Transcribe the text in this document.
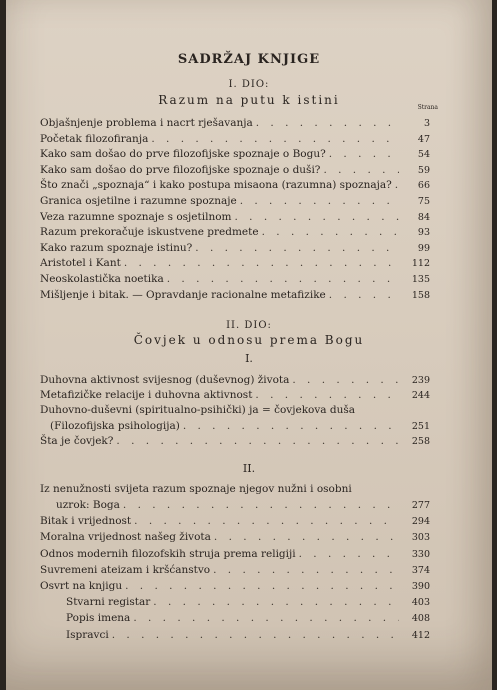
SADRŽAJ KNJIGE
I. DIO:
Razum na putu k istini
Strana
Objašnjenje problema i nacrt rješavanja . . .	3
Početak filozofiranja . . .	47
Kako sam došao do prve filozofijske spoznaje o Bogu? . . .	54
Kako sam došao do prve filozofijske spoznaje o duši? . . .	59
Što znači „spoznaja“ i kako postupa misaona (razumna) spoznaja? . . .	66
Granica osjetilne i razumne spoznaje . . .	75
Veza razumne spoznaje s osjetilnom . . .	84
Razum prekoračuje iskustvene predmete . . .	93
Kako razum spoznaje istinu? . . .	99
Aristotel i Kant . . .	112
Neoskolastička noetika . . .	135
Mišljenje i bitak. — Opravdanje racionalne metafizike . . .	158
II. DIO:
Čovjek u odnosu prema Bogu
I.
Duhovna aktivnost svijesnog (duševnog) života . . .	239
Metafizičke relacije i duhovna aktivnost . . .	244
Duhovno-duševni (spiritualno-psihički) ja = čovjekova duša
(Filozofijska psihologija) . . .	251
Šta je čovjek? . . .	258
II.
Iz nenužnosti svijeta razum spoznaje njegov nužni i osobni
uzrok: Boga . . .	277
Bitak i vrijednost . . .	294
Moralna vrijednost našeg života . . .	303
Odnos modernih filozofskih struja prema religiji . . .	330
Suvremeni ateizam i kršćanstvo . . .	374
Osvrt na knjigu . . .	390
Stvarni registar . . .	403
Popis imena . . .	408
Ispravci . . .	412
